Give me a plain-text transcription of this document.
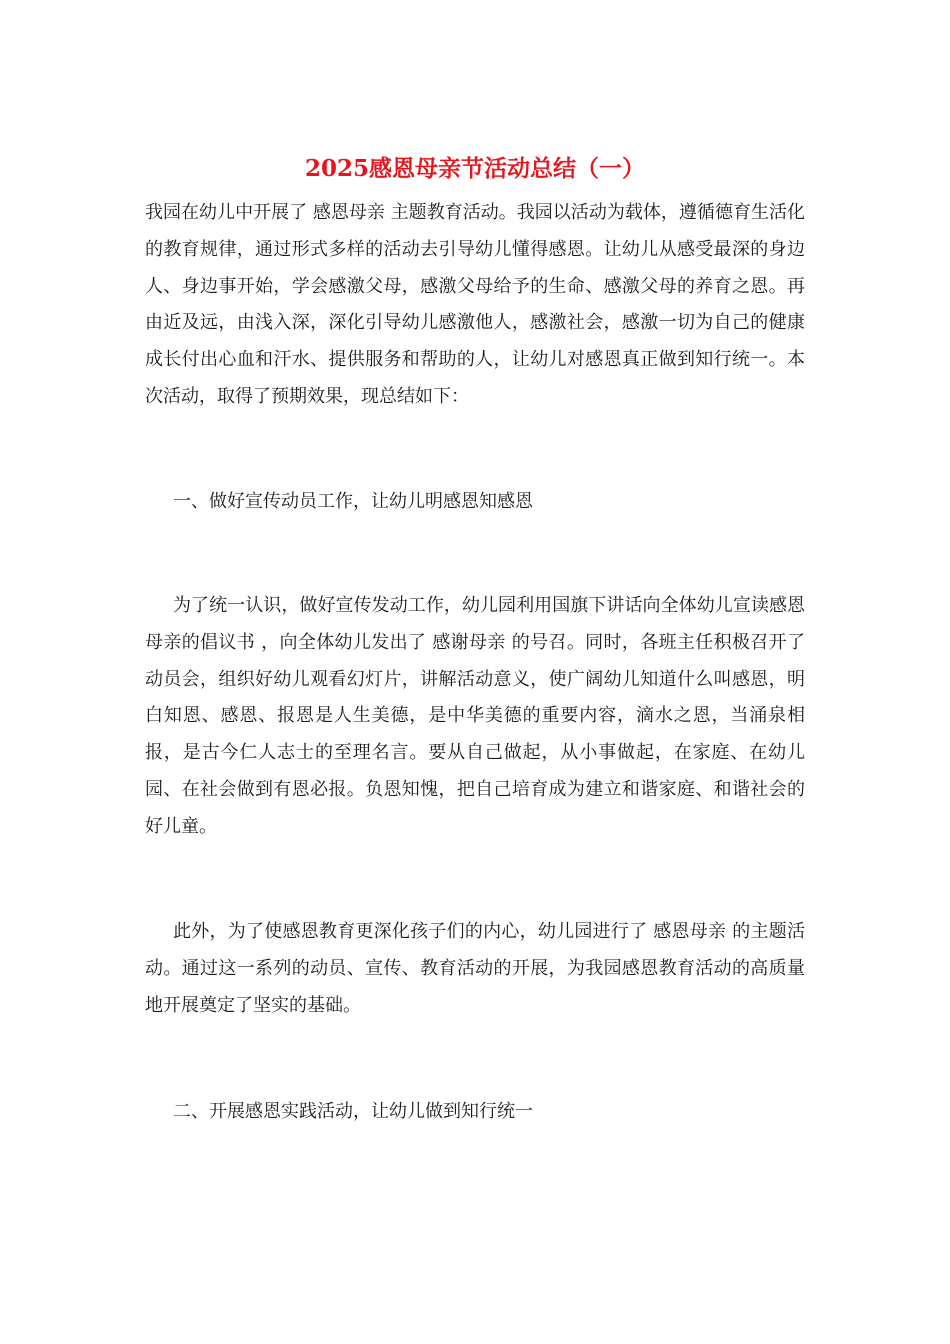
2025感恩母亲节活动总结（一）

我园在幼儿中开展了 感恩母亲 主题教育活动。我园以活动为载体，遵循德育生活化的教育规律，通过形式多样的活动去引导幼儿懂得感恩。让幼儿从感受最深的身边人、身边事开始，学会感激父母，感激父母给予的生命、感激父母的养育之恩。再由近及远，由浅入深，深化引导幼儿感激他人，感激社会，感激一切为自己的健康成长付出心血和汗水、提供服务和帮助的人，让幼儿对感恩真正做到知行统一。本次活动，取得了预期效果，现总结如下：

一、做好宣传动员工作，让幼儿明感恩知感恩

为了统一认识，做好宣传发动工作，幼儿园利用国旗下讲话向全体幼儿宣读感恩母亲的倡议书 ，向全体幼儿发出了 感谢母亲 的号召。同时，各班主任积极召开了动员会，组织好幼儿观看幻灯片，讲解活动意义，使广阔幼儿知道什么叫感恩，明白知恩、感恩、报恩是人生美德，是中华美德的重要内容，滴水之恩，当涌泉相报，是古今仁人志士的至理名言。要从自己做起，从小事做起，在家庭、在幼儿园、在社会做到有恩必报。负恩知愧，把自己培育成为建立和谐家庭、和谐社会的好儿童。

此外，为了使感恩教育更深化孩子们的内心，幼儿园进行了 感恩母亲 的主题活动。通过这一系列的动员、宣传、教育活动的开展，为我园感恩教育活动的高质量地开展奠定了坚实的基础。

二、开展感恩实践活动，让幼儿做到知行统一
